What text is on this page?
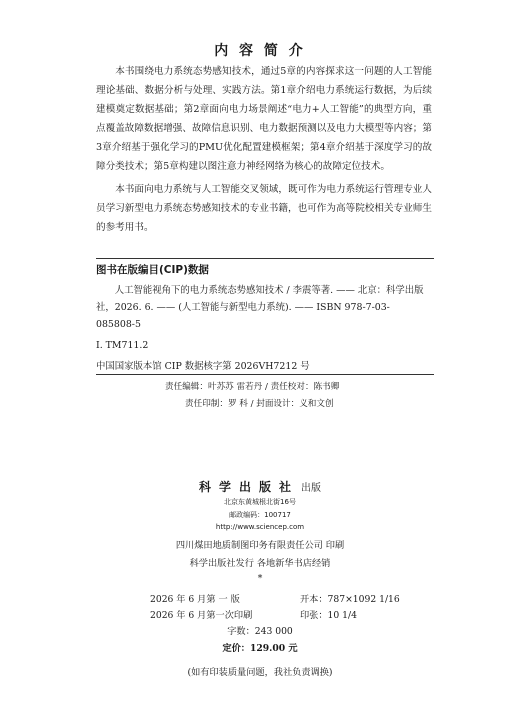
内 容 简 介

本书围绕电力系统态势感知技术，通过5章的内容探求这一问题的人工智能理论基础、数据分析与处理、实践方法。第1章介绍电力系统运行数据，为后续建模奠定数据基础；第2章面向电力场景阐述“电力+人工智能”的典型方向，重点覆盖故障数据增强、故障信息识别、电力数据预测以及电力大模型等内容；第3章介绍基于强化学习的PMU优化配置建模框架；第4章介绍基于深度学习的故障分类技术；第5章构建以图注意力神经网络为核心的故障定位技术。

本书面向电力系统与人工智能交叉领域，既可作为电力系统运行管理专业人员学习新型电力系统态势感知技术的专业书籍，也可作为高等院校相关专业师生的参考用书。

图书在版编目(CIP)数据

人工智能视角下的电力系统态势感知技术 / 李震等著. —— 北京：科学出版社，2026. 6. —— (人工智能与新型电力系统). —— ISBN 978-7-03-085808-5

Ⅰ. TM711.2
中国国家版本馆 CIP 数据核字第 2026VH7212 号
责任编辑：叶苏苏 雷若丹 / 责任校对：陈书卿
责任印制：罗 科 / 封面设计：义和文创
科学出版社 出版
北京东黄城根北街16号
邮政编码：100717
http://www.sciencep.com
四川煤田地质制图印务有限责任公司 印刷
科学出版社发行 各地新华书店经销
*
2026 年 6 月第 一 版	开本：787×1092 1/16
2026 年 6 月第一次印刷	印张：10 1/4
字数：243 000
定价：129.00 元
(如有印装质量问题，我社负责调换)
